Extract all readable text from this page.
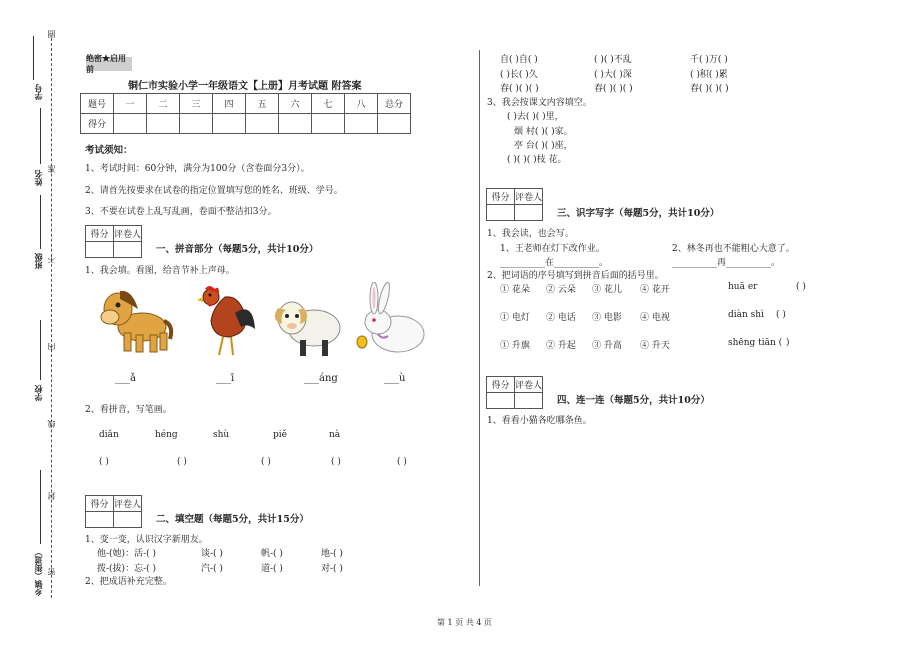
学号
姓名
班级
学校
乡镇（街道）
圈
准
不
内
线
封
密
绝密★启用前
铜仁市实验小学一年级语文【上册】月考试题 附答案
题号	一	二	三	四	五	六	七	八	总分
得分									
考试须知：
1、考试时间：60分钟，满分为100分（含卷面分3分）。
2、请首先按要求在试卷的指定位置填写您的姓名、班级、学号。
3、不要在试卷上乱写乱画，卷面不整洁扣3分。
得分 评卷人
一、拼音部分（每题5分，共计10分）
1、我会填。看图，给音节补上声母。
___ǎ	___ī	___áng	___ù
2、看拼音，写笔画。
diǎn	héng	shù	piě	nà
( )	( )	( )	( )	( )
得分 评卷人
二、填空题（每题5分，共计15分）
1、变一变，认识汉字新朋友。
他-(她)：活-( )	谈-( )	帆-( )	地-( )
拨-(拔)：忘-( )	汽-( )	道-( )	对-( )
2、把成语补充完整。
自( )自( )	( )( )不乱	千( )万( )
( )长( )久	( )大( )深	( )积( )累
春( )( )( )	春( )( )( )	春( )( )( )
3、我会按课文内容填空。
( )去( )( )里，
烟 村( )( )家。
亭 台( )( )座，
( )( )( )枝 花。
得分 评卷人
三、识字写字（每题5分，共计10分）
1、我会读，也会写。
1、王老师在灯下改作业。	2、林冬再也不能粗心大意了。
__________在__________。	__________再__________。
2、把词语的序号填写到拼音后面的括号里。
① 花朵 ② 云朵 ③ 花儿 ④ 花开	huā er	( )
① 电灯 ② 电话 ③ 电影 ④ 电视	diàn shì ( )
① 升旗 ② 升起 ③ 升高 ④ 升天	shēng tiān ( )
得分 评卷人
四、连一连（每题5分，共计10分）
1、看看小猫各吃哪条鱼。
第 1 页 共 4 页
